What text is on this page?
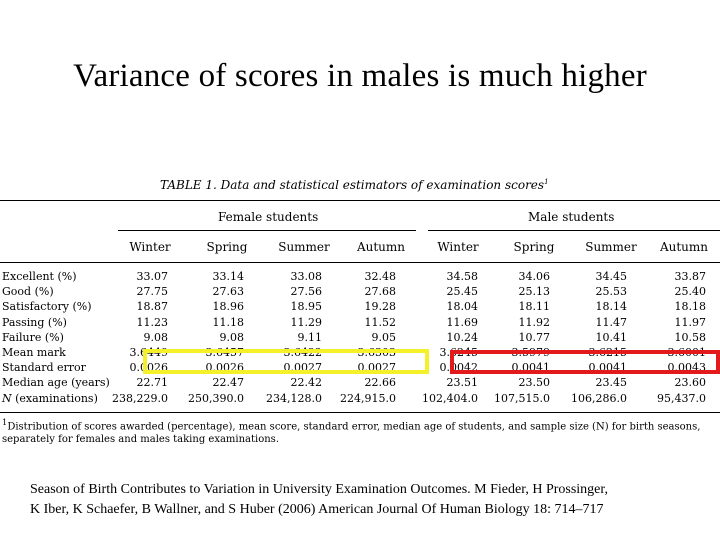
Variance of scores in males is much higher
TABLE 1. Data and statistical estimators of examination scores$^1$
Female students	Male students
Winter	Spring	Summer	Autumn	Winter	Spring	Summer	Autumn
Excellent (%)	33.07	33.14	33.08	32.48	34.58	34.06	34.45	33.87
Good (%)	27.75	27.63	27.56	27.68	25.45	25.13	25.53	25.40
Satisfactory (%)	18.87	18.96	18.95	19.28	18.04	18.11	18.14	18.18
Passing (%)	11.23	11.18	11.29	11.52	11.69	11.92	11.47	11.97
Failure (%)	9.08	9.08	9.11	9.05	10.24	10.77	10.41	10.58
Mean mark	3.6449	3.6457	3.6422	3.6303	3.6245	3.5979	3.6215	3.6001
Standard error	0.0026	0.0026	0.0027	0.0027	0.0042	0.0041	0.0041	0.0043
Median age (years)	22.71	22.47	22.42	22.66	23.51	23.50	23.45	23.60
N (examinations)	238,229.0	250,390.0	234,128.0	224,915.0	102,404.0	107,515.0	106,286.0	95,437.0
$^1$Distribution of scores awarded (percentage), mean score, standard error, median age of students, and sample size (N) for birth seasons, separately for females and males taking examinations.
Season of Birth Contributes to Variation in University Examination Outcomes. M Fieder, H Prossinger,
K Iber, K Schaefer, B Wallner, and S Huber (2006) American Journal Of Human Biology 18: 714–717
